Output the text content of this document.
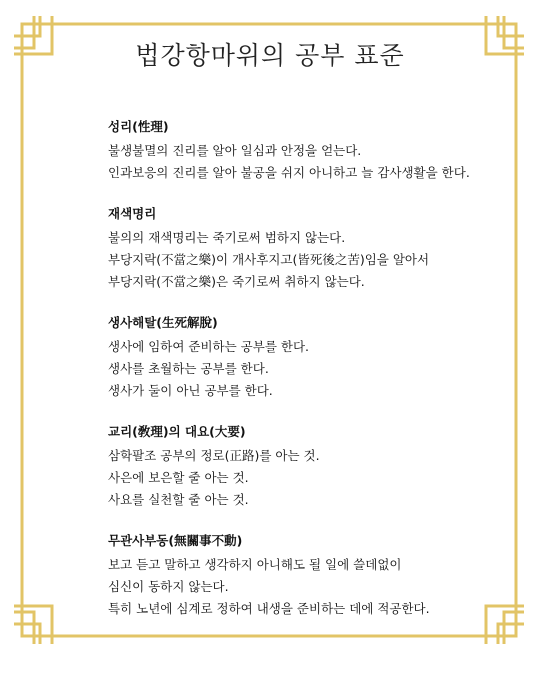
법강항마위의 공부 표준
성리(性理)
불생불멸의 진리를 알아 일심과 안정을 얻는다.
인과보응의 진리를 알아 불공을 쉬지 아니하고 늘 감사생활을 한다.
재색명리
불의의 재색명리는 죽기로써 범하지 않는다.
부당지락(不當之樂)이 개사후지고(皆死後之苦)임을 알아서
부당지락(不當之樂)은 죽기로써 취하지 않는다.
생사해탈(生死解脫)
생사에 임하여 준비하는 공부를 한다.
생사를 초월하는 공부를 한다.
생사가 둘이 아닌 공부를 한다.
교리(敎理)의 대요(大要)
삼학팔조 공부의 정로(正路)를 아는 것.
사은에 보은할 줄 아는 것.
사요를 실천할 줄 아는 것.
무관사부동(無關事不動)
보고 듣고 말하고 생각하지 아니해도 될 일에 쓸데없이
심신이 동하지 않는다.
특히 노년에 심계로 정하여 내생을 준비하는 데에 적공한다.
